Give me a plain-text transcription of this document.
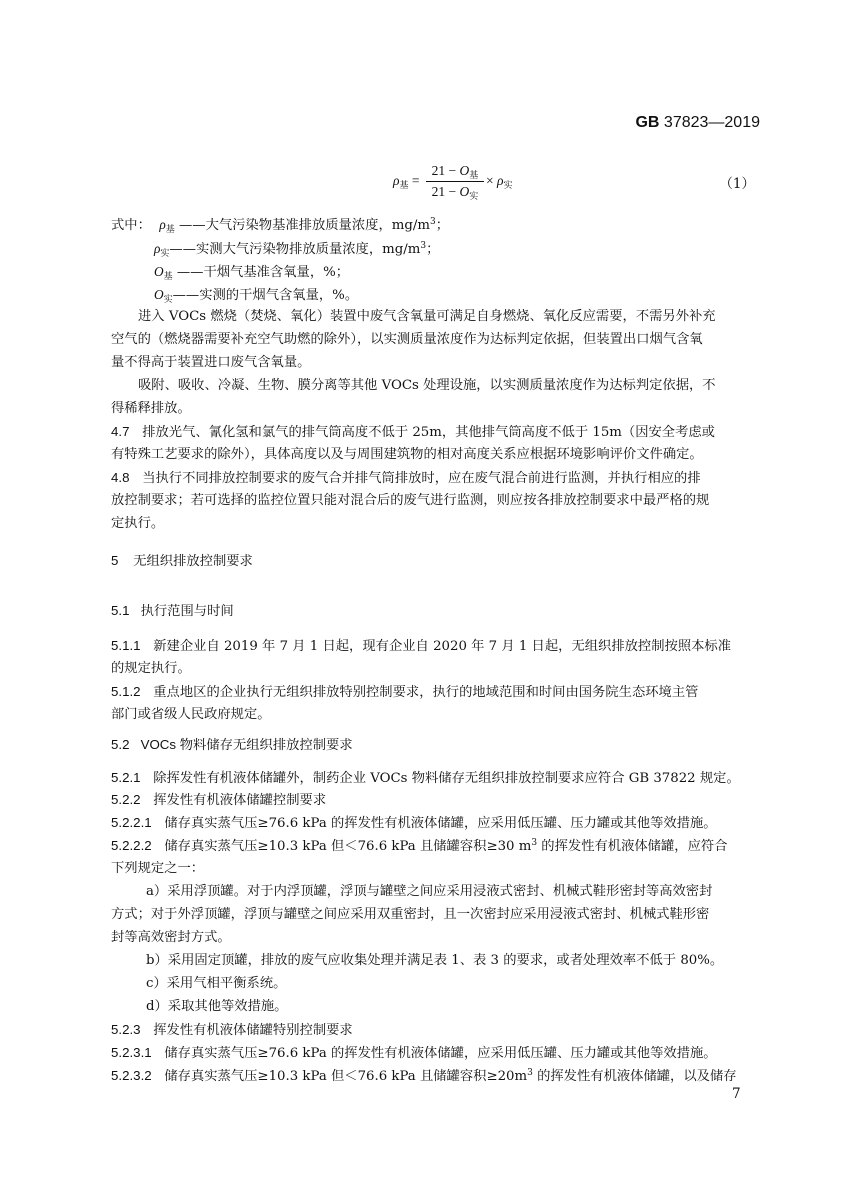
GB 37823—2019
$\rho_基$ =
$21 - O_基$
$21 - O_实$
× $\rho_实$	（1）
式中： $\rho_基$ ——大气污染物基准排放质量浓度，$mg/m^3$；
$\rho_实——$实测大气污染物排放质量浓度，$mg/m^3$；
$O_基$ ——干烟气基准含氧量，%；
$O_实——$实测的干烟气含氧量，%。
进入 VOCs 燃烧（焚烧、氧化）装置中废气含氧量可满足自身燃烧、氧化反应需要，不需另外补充
空气的（燃烧器需要补充空气助燃的除外），以实测质量浓度作为达标判定依据，但装置出口烟气含氧
量不得高于装置进口废气含氧量。
吸附、吸收、冷凝、生物、膜分离等其他 VOCs 处理设施，以实测质量浓度作为达标判定依据，不
得稀释排放。
4.7 排放光气、氰化氢和氯气的排气筒高度不低于 25m，其他排气筒高度不低于 15m（因安全考虑或
有特殊工艺要求的除外），具体高度以及与周围建筑物的相对高度关系应根据环境影响评价文件确定。
4.8 当执行不同排放控制要求的废气合并排气筒排放时，应在废气混合前进行监测，并执行相应的排
放控制要求；若可选择的监控位置只能对混合后的废气进行监测，则应按各排放控制要求中最严格的规
定执行。
5 无组织排放控制要求
5.1 执行范围与时间
5.1.1 新建企业自 2019 年 7 月 1 日起，现有企业自 2020 年 7 月 1 日起，无组织排放控制按照本标准
的规定执行。
5.1.2 重点地区的企业执行无组织排放特别控制要求，执行的地域范围和时间由国务院生态环境主管
部门或省级人民政府规定。
5.2 VOCs 物料储存无组织排放控制要求
5.2.1 除挥发性有机液体储罐外，制药企业 VOCs 物料储存无组织排放控制要求应符合 GB 37822 规定。
5.2.2 挥发性有机液体储罐控制要求
5.2.2.1 储存真实蒸气压≥76.6 kPa 的挥发性有机液体储罐，应采用低压罐、压力罐或其他等效措施。
5.2.2.2 储存真实蒸气压≥10.3 kPa 但＜76.6 kPa 且储罐容积≥30 $m^3$ 的挥发性有机液体储罐，应符合
下列规定之一：
a）采用浮顶罐。对于内浮顶罐，浮顶与罐壁之间应采用浸液式密封、机械式鞋形密封等高效密封
方式；对于外浮顶罐，浮顶与罐壁之间应采用双重密封，且一次密封应采用浸液式密封、机械式鞋形密
封等高效密封方式。
b）采用固定顶罐，排放的废气应收集处理并满足表 1、表 3 的要求，或者处理效率不低于 80%。
c）采用气相平衡系统。
d）采取其他等效措施。
5.2.3 挥发性有机液体储罐特别控制要求
5.2.3.1 储存真实蒸气压≥76.6 kPa 的挥发性有机液体储罐，应采用低压罐、压力罐或其他等效措施。
5.2.3.2 储存真实蒸气压≥10.3 kPa 但＜76.6 kPa 且储罐容积$\ge 20m^3$ 的挥发性有机液体储罐，以及储存
7
